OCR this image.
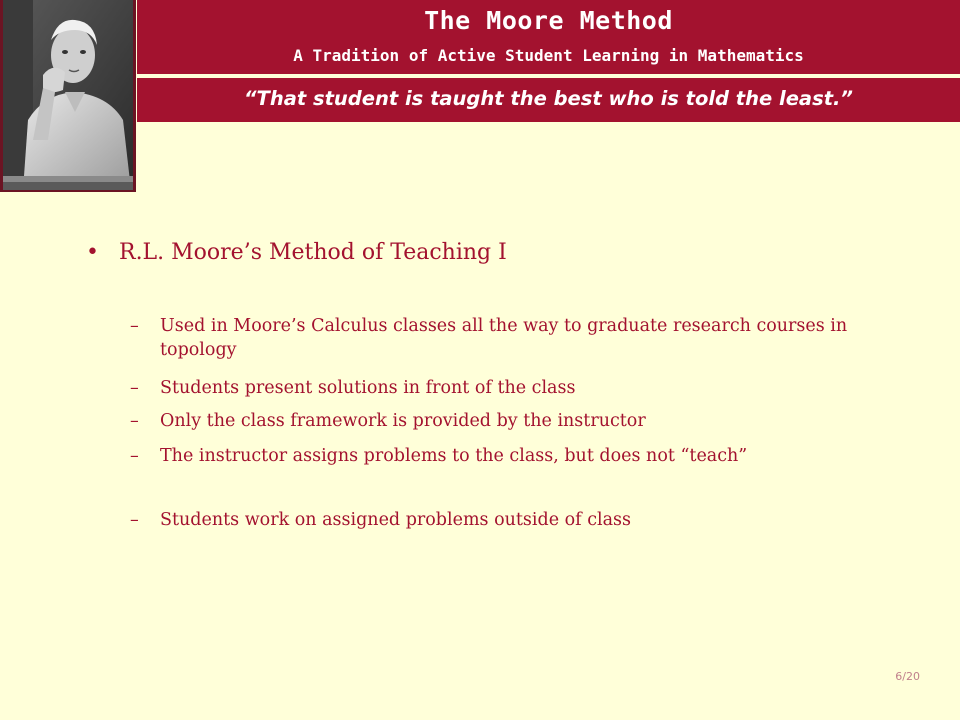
The Moore Method
A Tradition of Active Student Learning in Mathematics
“That student is taught the best who is told the least.”
• R.L. Moore’s Method of Teaching I
– Used in Moore’s Calculus classes all the way to graduate research courses in topology
– Students present solutions in front of the class
– Only the class framework is provided by the instructor
– The instructor assigns problems to the class, but does not “teach”
– Students work on assigned problems outside of class
6/20
